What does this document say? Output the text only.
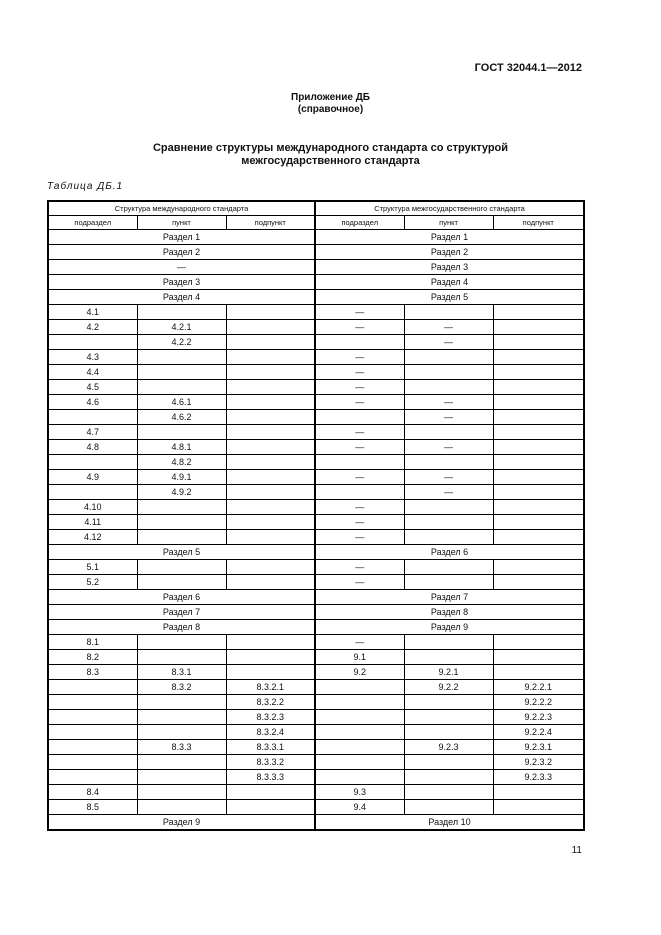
ГОСТ 32044.1—2012
Приложение ДБ
(справочное)
Сравнение структуры международного стандарта со структурой
межгосударственного стандарта
Таблица ДБ.1
Структура международного стандарта			Структура межгосударственного стандарта		
подраздел	пункт	подпункт	подраздел	пункт	подпункт
Раздел 1			Раздел 1		
Раздел 2			Раздел 2		
—			Раздел 3		
Раздел 3			Раздел 4		
Раздел 4			Раздел 5		
4.1			—		
4.2	4.2.1		—	—	
	4.2.2			—	
4.3			—		
4.4			—		
4.5			—		
4.6	4.6.1		—	—	
	4.6.2			—	
4.7			—		
4.8	4.8.1		—	—	
	4.8.2				
4.9	4.9.1		—	—	
	4.9.2			—	
4.10			—		
4.11			—		
4.12			—		
Раздел 5			Раздел 6		
5.1			—		
5.2			—		
Раздел 6			Раздел 7		
Раздел 7			Раздел 8		
Раздел 8			Раздел 9		
8.1			—		
8.2			9.1		
8.3	8.3.1		9.2	9.2.1	
	8.3.2	8.3.2.1		9.2.2	9.2.2.1
		8.3.2.2			9.2.2.2
		8.3.2.3			9.2.2.3
		8.3.2.4			9.2.2.4
	8.3.3	8.3.3.1		9.2.3	9.2.3.1
		8.3.3.2			9.2.3.2
		8.3.3.3			9.2.3.3
8.4			9.3		
8.5			9.4		
Раздел 9			Раздел 10		
11
